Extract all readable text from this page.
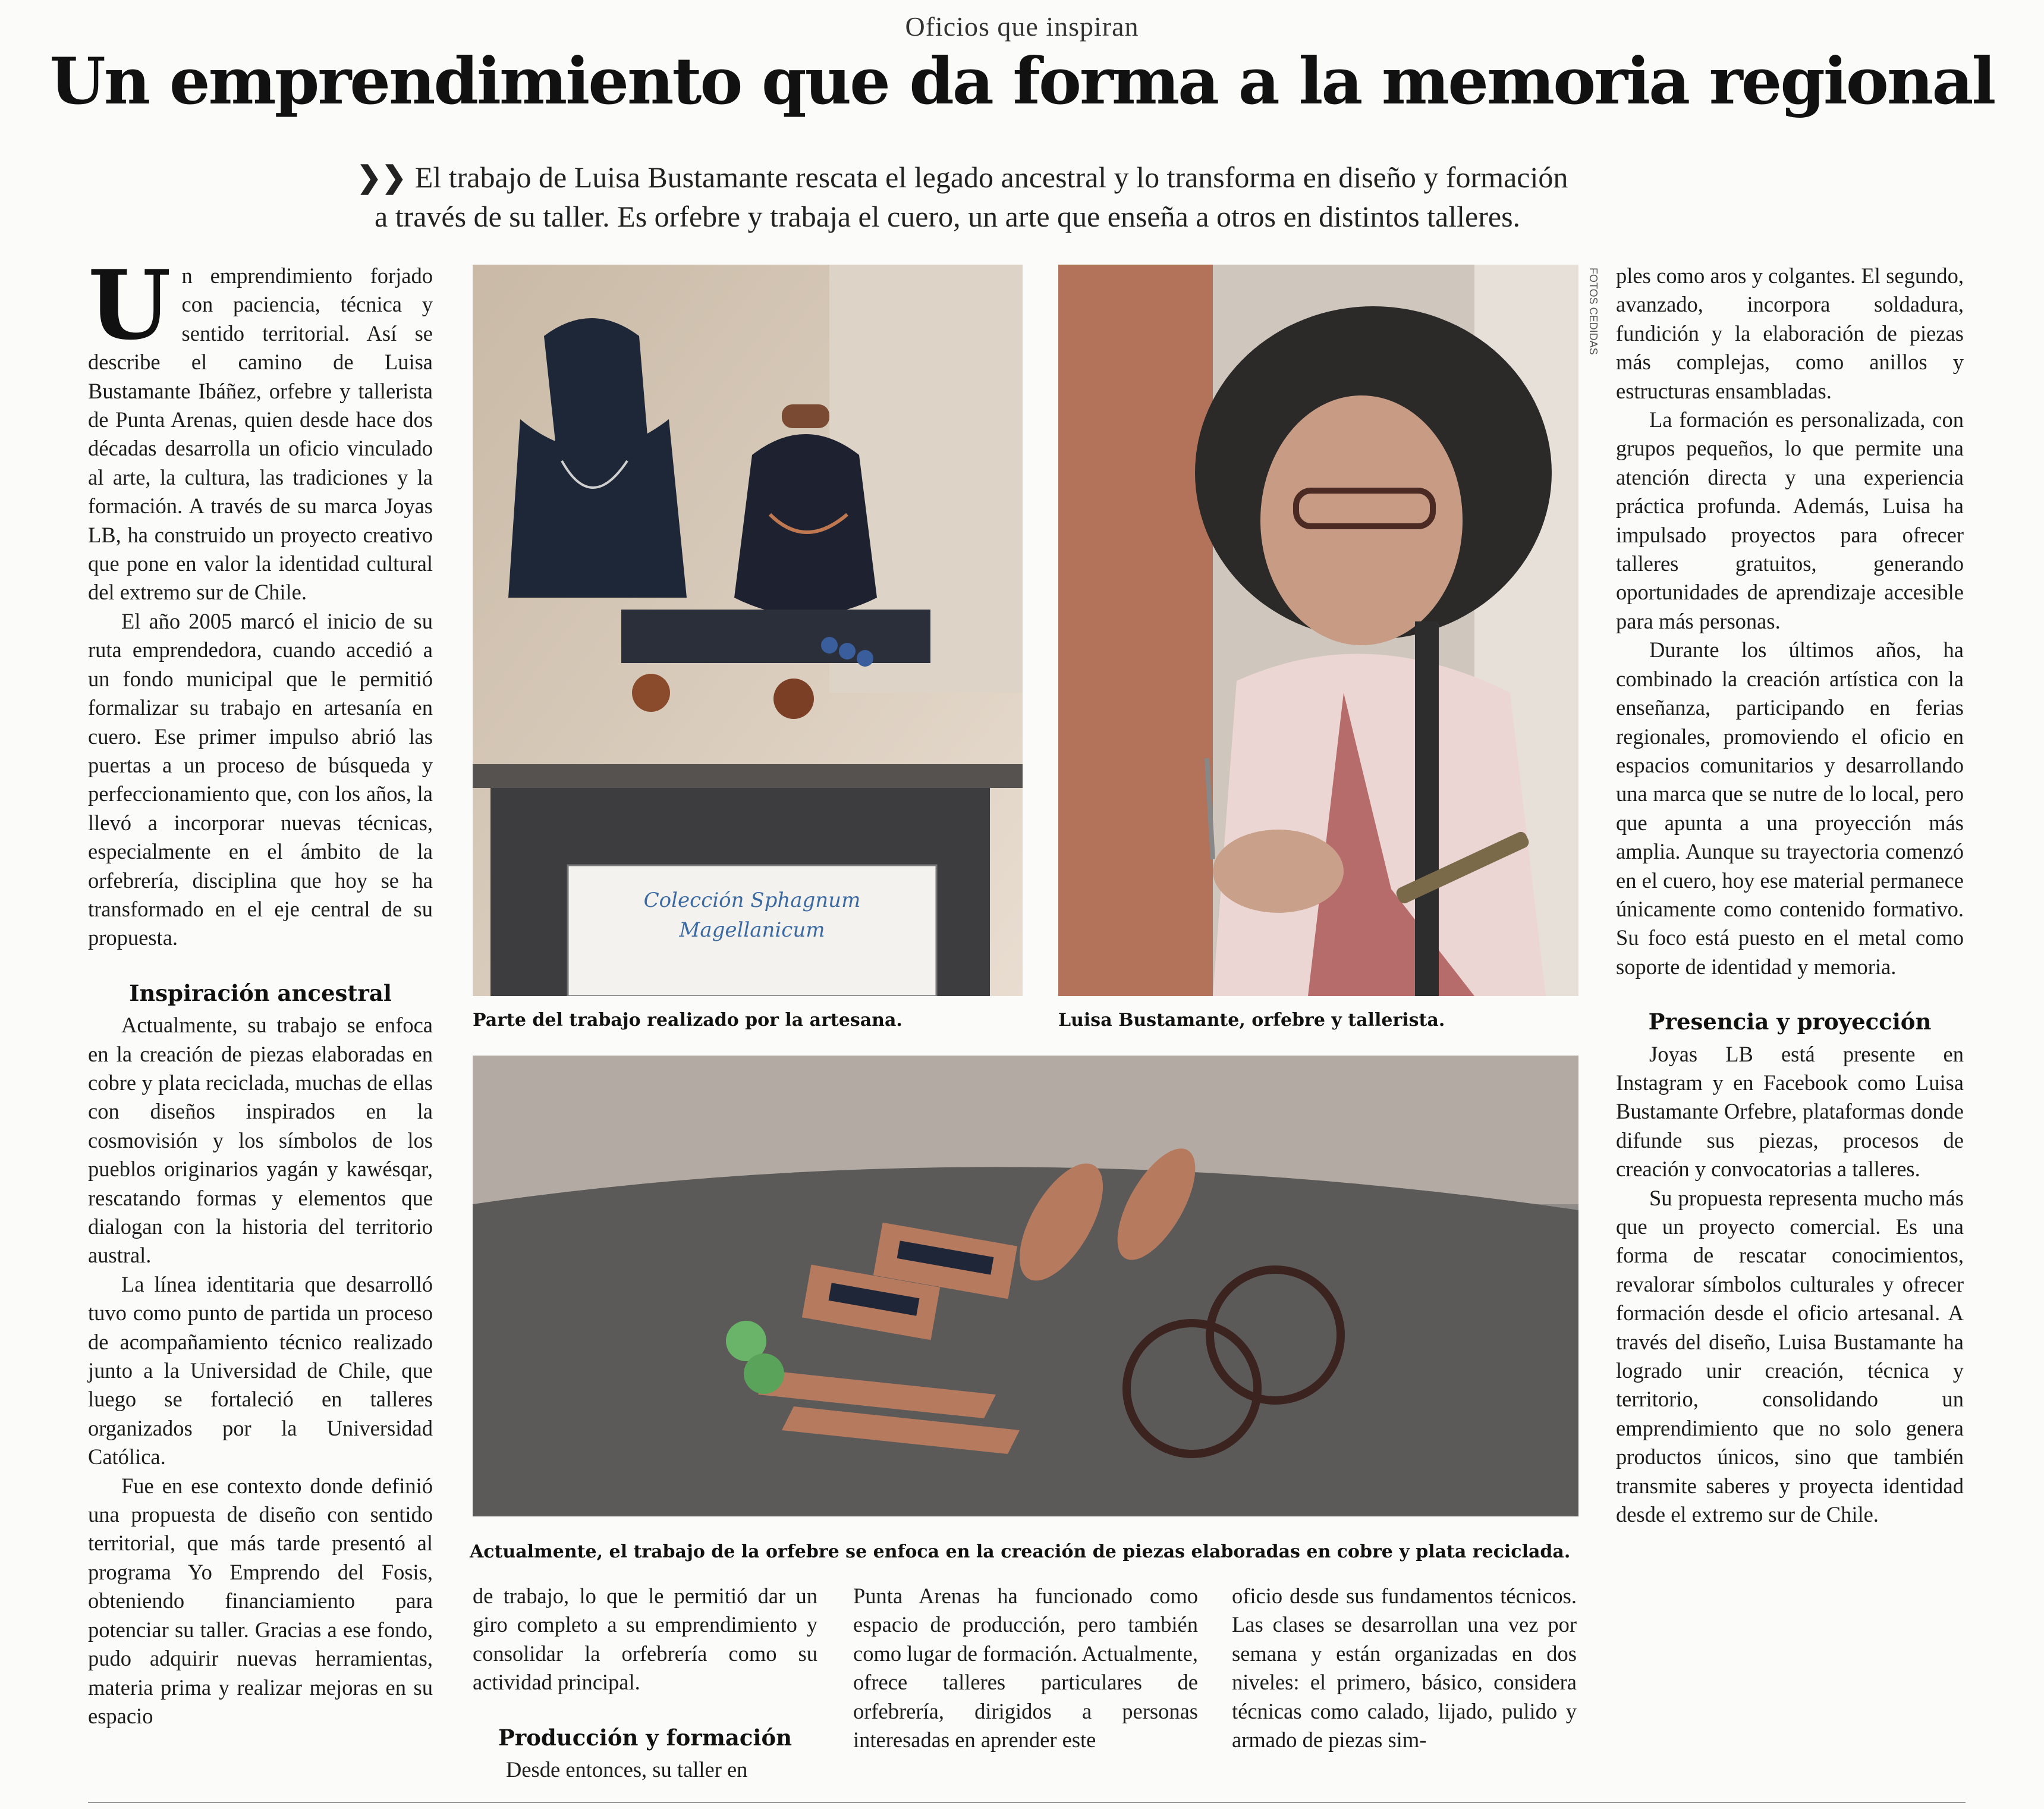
Oficios que inspiran
Un emprendimiento que da forma a la memoria regional
❯❯ El trabajo de Luisa Bustamante rescata el legado ancestral y lo transforma en diseño y formación
a través de su taller. Es orfebre y trabaja el cuero, un arte que enseña a otros en distintos talleres.

Un emprendimiento forjado con paciencia, técnica y sentido territorial. Así se describe el camino de Luisa Bustamante Ibáñez, orfebre y tallerista de Punta Arenas, quien desde hace dos décadas desarrolla un oficio vinculado al arte, la cultura, las tradiciones y la formación. A través de su marca Joyas LB, ha construido un proyecto creativo que pone en valor la identidad cultural del extremo sur de Chile.

El año 2005 marcó el inicio de su ruta emprendedora, cuando accedió a un fondo municipal que le permitió formalizar su trabajo en artesanía en cuero. Ese primer impulso abrió las puertas a un proceso de búsqueda y perfeccionamiento que, con los años, la llevó a incorporar nuevas técnicas, especialmente en el ámbito de la orfebrería, disciplina que hoy se ha transformado en el eje central de su propuesta.

Inspiración ancestral

Actualmente, su trabajo se enfoca en la creación de piezas elaboradas en cobre y plata reciclada, muchas de ellas con diseños inspirados en la cosmovisión y los símbolos de los pueblos originarios yagán y kawésqar, rescatando formas y elementos que dialogan con la historia del territorio austral.

La línea identitaria que desarrolló tuvo como punto de partida un proceso de acompañamiento técnico realizado junto a la Universidad de Chile, que luego se fortaleció en talleres organizados por la Universidad Católica.

Fue en ese contexto donde definió una propuesta de diseño con sentido territorial, que más tarde presentó al programa Yo Emprendo del Fosis, obteniendo financiamiento para potenciar su taller. Gracias a ese fondo, pudo adquirir nuevas herramientas, materia prima y realizar mejoras en su espacio

Colección Sphagnum
Magellanicum
Parte del trabajo realizado por la artesana.
FOTOS CEDIDAS
Luisa Bustamante, orfebre y tallerista.
Actualmente, el trabajo de la orfebre se enfoca en la creación de piezas elaboradas en cobre y plata reciclada.

de trabajo, lo que le permitió dar un giro completo a su emprendimiento y consolidar la orfebrería como su actividad principal.

Producción y formación

Desde entonces, su taller en

Punta Arenas ha funcionado como espacio de producción, pero también como lugar de formación. Actualmente, ofrece talleres particulares de orfebrería, dirigidos a personas interesadas en aprender este

oficio desde sus fundamentos técnicos. Las clases se desarrollan una vez por semana y están organizadas en dos niveles: el primero, básico, considera técnicas como calado, lijado, pulido y armado de piezas sim-

ples como aros y colgantes. El segundo, avanzado, incorpora soldadura, fundición y la elaboración de piezas más complejas, como anillos y estructuras ensambladas.

La formación es personalizada, con grupos pequeños, lo que permite una atención directa y una experiencia práctica profunda. Además, Luisa ha impulsado proyectos para ofrecer talleres gratuitos, generando oportunidades de aprendizaje accesible para más personas.

Durante los últimos años, ha combinado la creación artística con la enseñanza, participando en ferias regionales, promoviendo el oficio en espacios comunitarios y desarrollando una marca que se nutre de lo local, pero que apunta a una proyección más amplia. Aunque su trayectoria comenzó en el cuero, hoy ese material permanece únicamente como contenido formativo. Su foco está puesto en el metal como soporte de identidad y memoria.

Presencia y proyección

Joyas LB está presente en Instagram y en Facebook como Luisa Bustamante Orfebre, plataformas donde difunde sus piezas, procesos de creación y convocatorias a talleres.

Su propuesta representa mucho más que un proyecto comercial. Es una forma de rescatar conocimientos, revalorar símbolos culturales y ofrecer formación desde el oficio artesanal. A través del diseño, Luisa Bustamante ha logrado unir creación, técnica y territorio, consolidando un emprendimiento que no solo genera productos únicos, sino que también transmite saberes y proyecta identidad desde el extremo sur de Chile.
